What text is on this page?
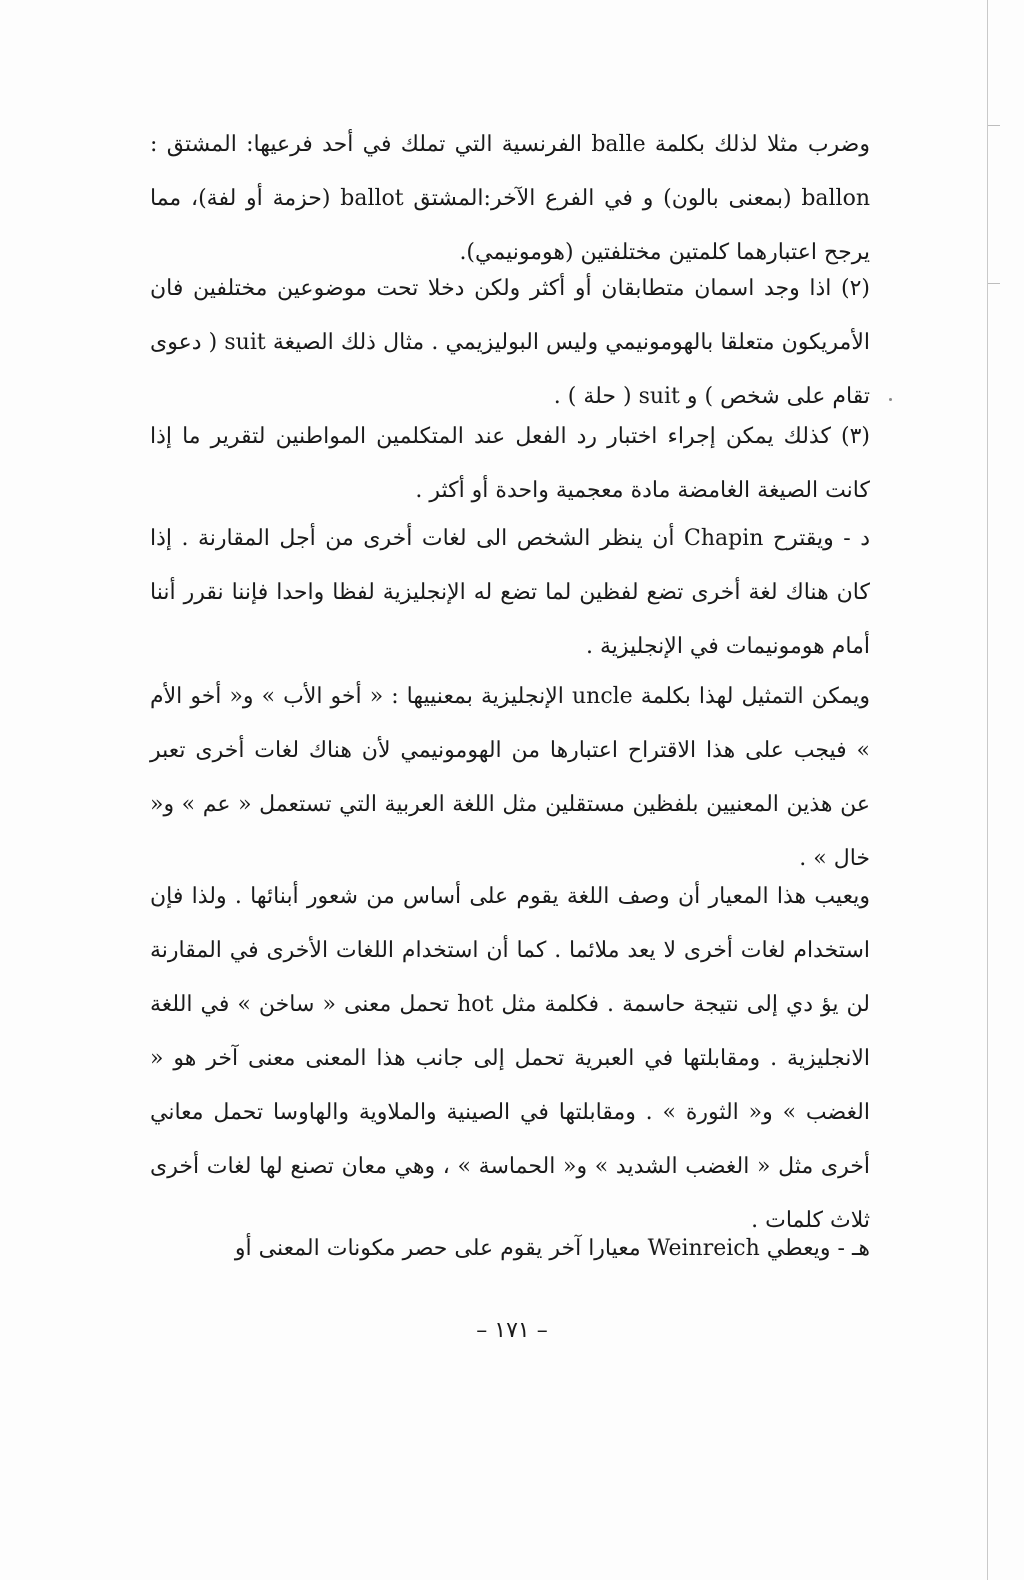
وضرب مثلا لذلك بكلمة balle الفرنسية التي تملك في أحد فرعيها: المشتق : ballon (بمعنى بالون) و في الفرع الآخر:المشتق ballot (حزمة أو لفة)، مما يرجح اعتبارهما كلمتين مختلفتين (هومونيمي).
(٢) اذا وجد اسمان متطابقان أو أكثر ولكن دخلا تحت موضوعين مختلفين فان الأمريكون متعلقا بالهومونيمي وليس البوليزيمي . مثال ذلك الصيغة suit ( دعوى تقام على شخص ) و suit ( حلة ) .
(٣) كذلك يمكن إجراء اختبار رد الفعل عند المتكلمين المواطنين لتقرير ما إذا كانت الصيغة الغامضة مادة معجمية واحدة أو أكثر .
د - ويقترح Chapin أن ينظر الشخص الى لغات أخرى من أجل المقارنة . إذا كان هناك لغة أخرى تضع لفظين لما تضع له الإنجليزية لفظا واحدا فإننا نقرر أننا أمام هومونيمات في الإنجليزية .
ويمكن التمثيل لهذا بكلمة uncle الإنجليزية بمعنييها : « أخو الأب » و« أخو الأم » فيجب على هذا الاقتراح اعتبارها من الهومونيمي لأن هناك لغات أخرى تعبر عن هذين المعنيين بلفظين مستقلين مثل اللغة العربية التي تستعمل « عم » و« خال » .
ويعيب هذا المعيار أن وصف اللغة يقوم على أساس من شعور أبنائها . ولذا فإن استخدام لغات أخرى لا يعد ملائما . كما أن استخدام اللغات الأخرى في المقارنة لن يؤ دي إلى نتيجة حاسمة . فكلمة مثل hot تحمل معنى « ساخن » في اللغة الانجليزية . ومقابلتها في العبرية تحمل إلى جانب هذا المعنى معنى آخر هو « الغضب » و« الثورة » . ومقابلتها في الصينية والملاوية والهاوسا تحمل معاني أخرى مثل « الغضب الشديد » و« الحماسة » ، وهي معان تصنع لها لغات أخرى ثلاث كلمات .
هـ - ويعطي Weinreich معيارا آخر يقوم على حصر مكونات المعنى أو
– ١٧١ –
